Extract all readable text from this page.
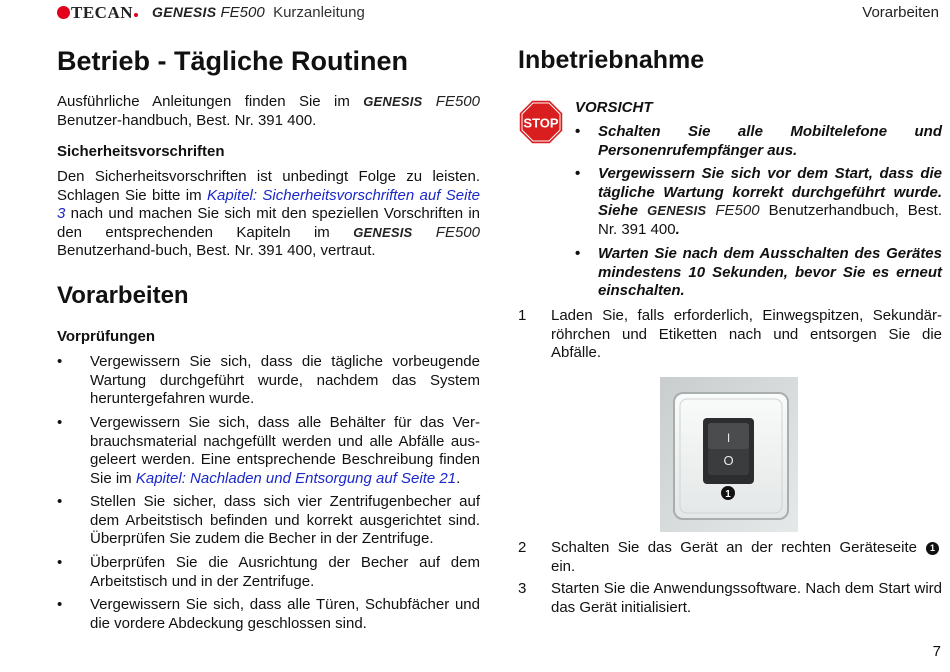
TECAN	GENESIS FE500 Kurzanleitung	Vorarbeiten
Betrieb - Tägliche Routinen
Ausführliche Anleitungen finden Sie im GENESIS FE500 Benutzer-handbuch, Best. Nr. 391 400.
Sicherheitsvorschriften
Den Sicherheitsvorschriften ist unbedingt Folge zu leisten. Schlagen Sie bitte im Kapitel: Sicherheitsvorschriften auf Seite 3 nach und machen Sie sich mit den speziellen Vorschriften in den entsprechenden Kapiteln im GENESIS FE500 Benutzerhand-buch, Best. Nr. 391 400, vertraut.
Vorarbeiten
Vorprüfungen
• Vergewissern Sie sich, dass die tägliche vorbeugende Wartung durchgeführt wurde, nachdem das System heruntergefahren wurde.
• Vergewissern Sie sich, dass alle Behälter für das Ver-brauchsmaterial nachgefüllt werden und alle Abfälle aus-geleert werden. Eine entsprechende Beschreibung finden Sie im Kapitel: Nachladen und Entsorgung auf Seite 21.
• Stellen Sie sicher, dass sich vier Zentrifugenbecher auf dem Arbeitstisch befinden und korrekt ausgerichtet sind. Überprüfen Sie zudem die Becher in der Zentrifuge.
• Überprüfen Sie die Ausrichtung der Becher auf dem Arbeitstisch und in der Zentrifuge.
• Vergewissern Sie sich, dass alle Türen, Schubfächer und die vordere Abdeckung geschlossen sind.
Inbetriebnahme
STOP
VORSICHT
• Schalten Sie alle Mobiltelefone und Personenrufempfänger aus.
• Vergewissern Sie sich vor dem Start, dass die tägliche Wartung korrekt durchgeführt wurde. Siehe GENESIS FE500 Benutzerhandbuch, Best. Nr. 391 400.
• Warten Sie nach dem Ausschalten des Gerätes mindestens 10 Sekunden, bevor Sie es erneut einschalten.
1 Laden Sie, falls erforderlich, Einwegspitzen, Sekundär-röhrchen und Etiketten nach und entsorgen Sie die Abfälle.
I
O
1
2 Schalten Sie das Gerät an der rechten Geräteseite 1
ein.
3 Starten Sie die Anwendungssoftware. Nach dem Start wird das Gerät initialisiert.
7
